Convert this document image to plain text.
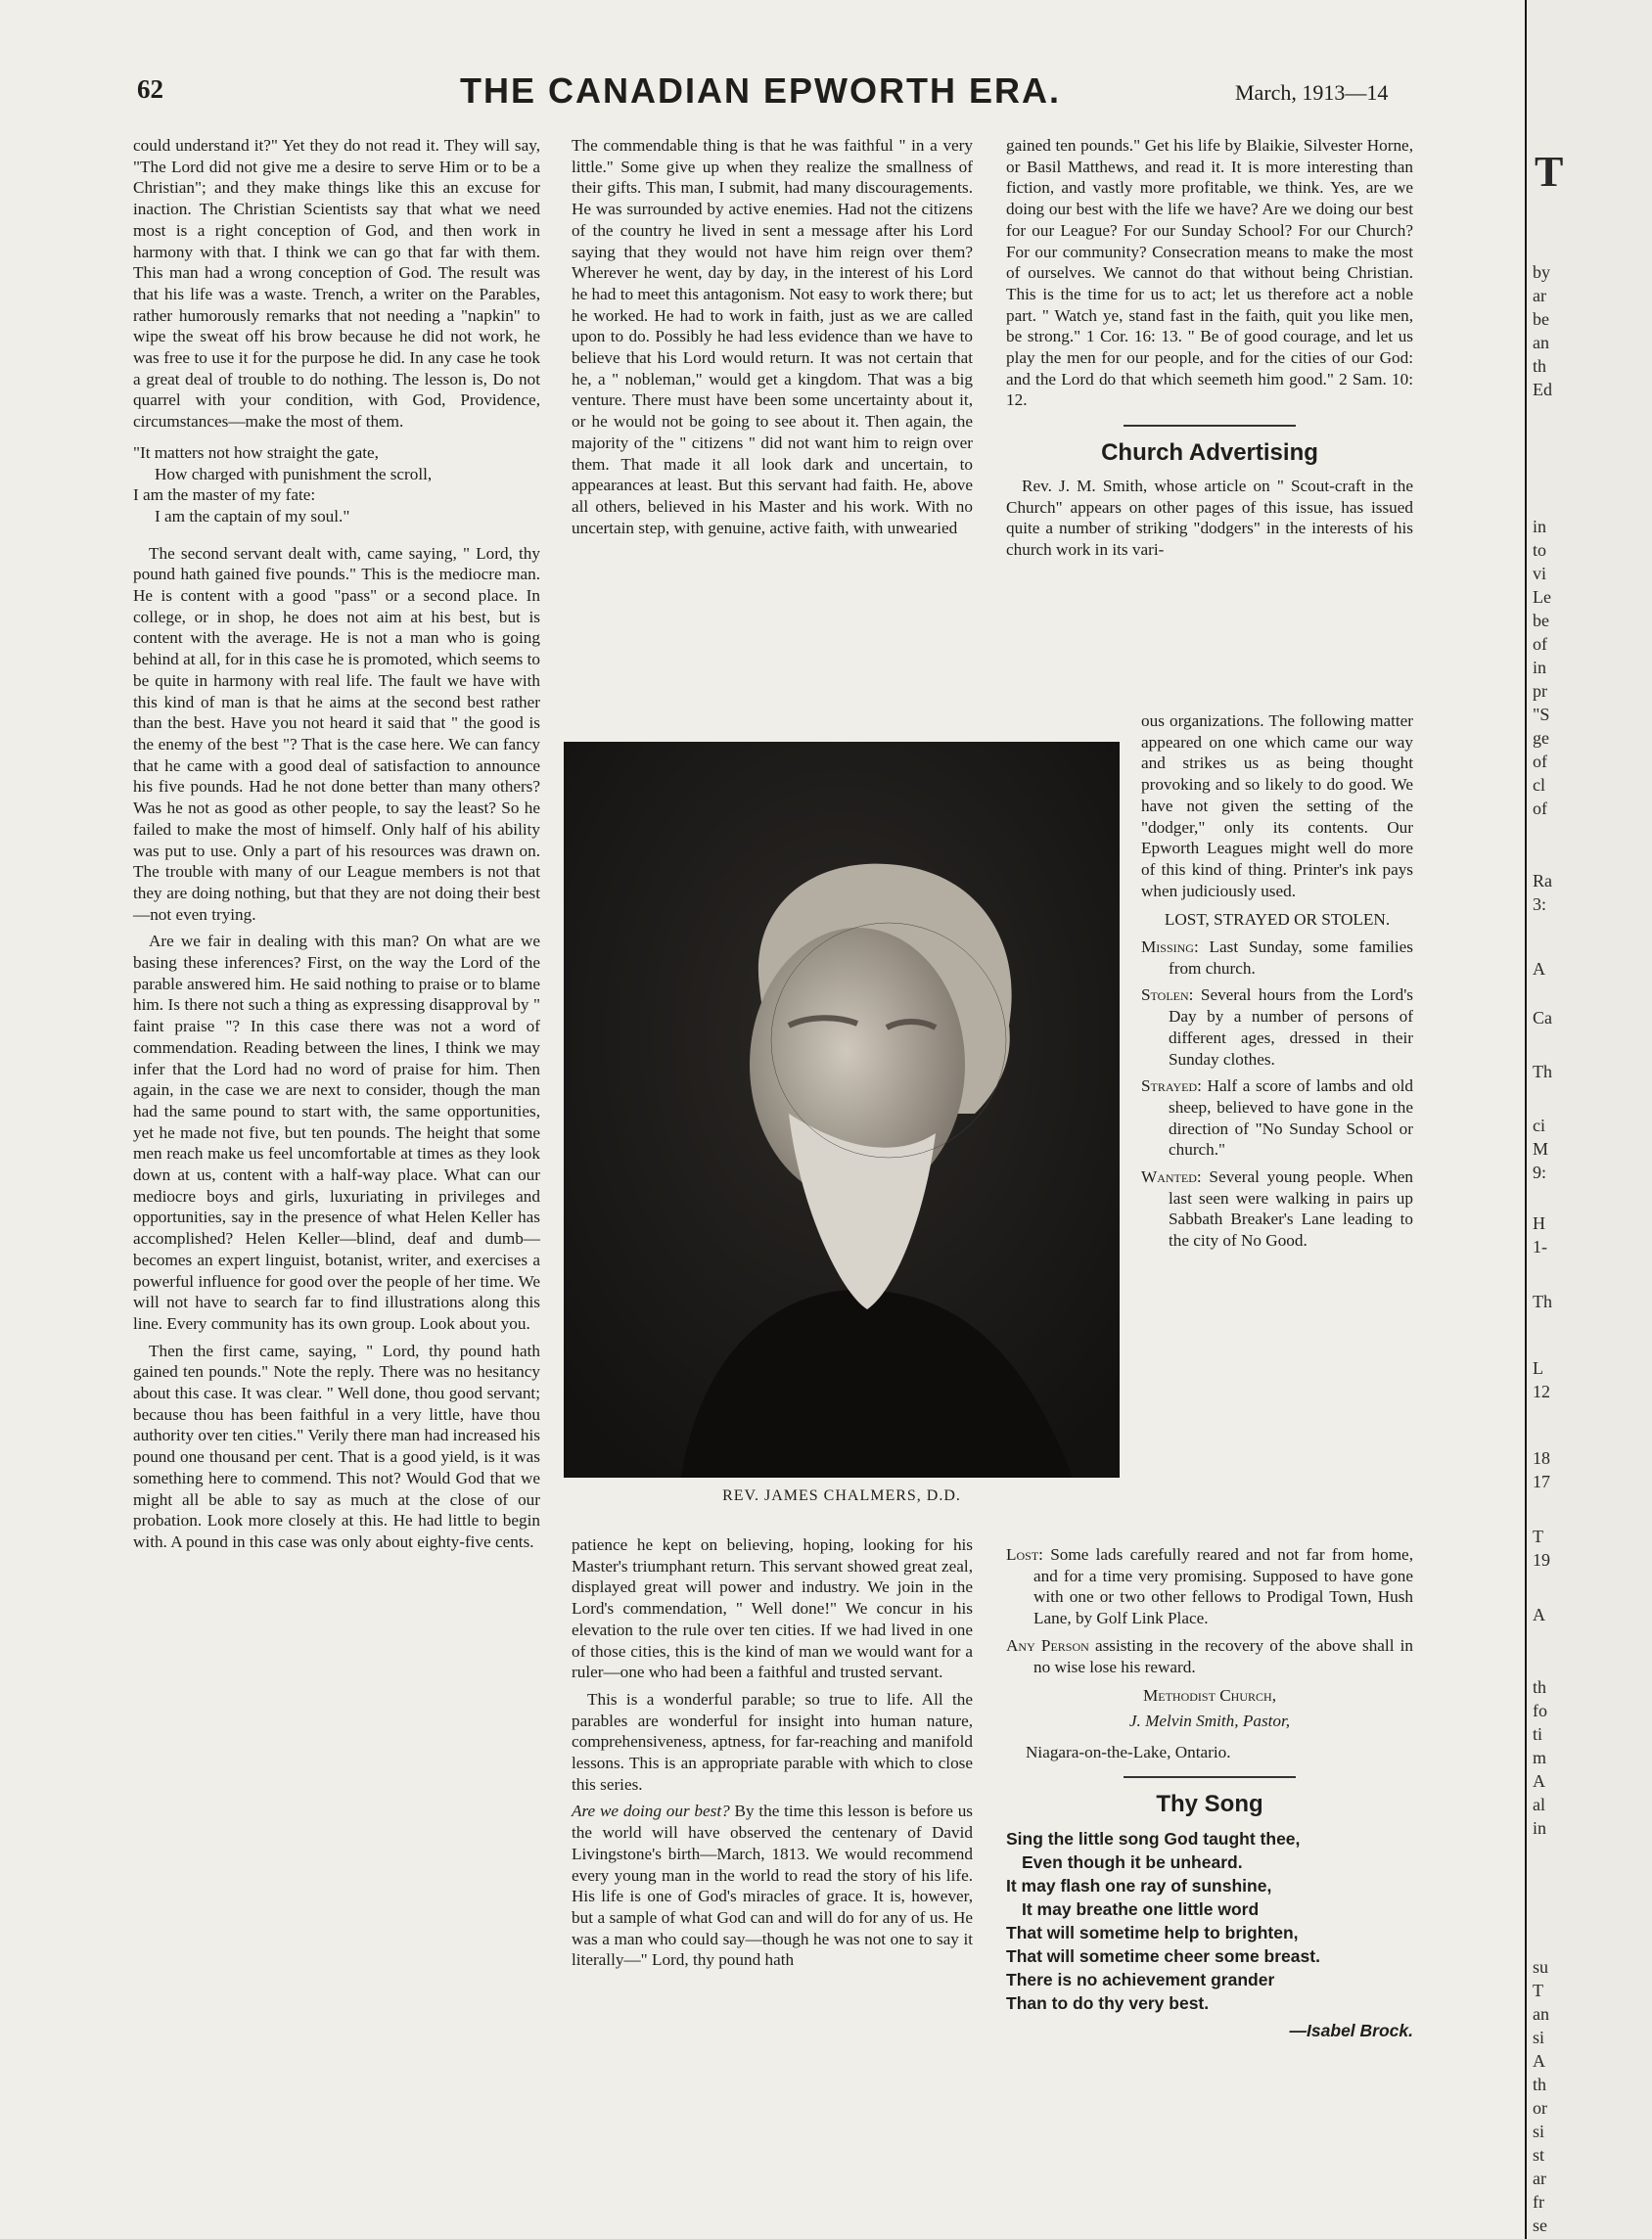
62	THE CANADIAN EPWORTH ERA.	March, 1913—14

could understand it?" Yet they do not read it. They will say, "The Lord did not give me a desire to serve Him or to be a Christian"; and they make things like this an excuse for inaction. The Christian Scientists say that what we need most is a right conception of God, and then work in harmony with that. I think we can go that far with them. This man had a wrong conception of God. The result was that his life was a waste. Trench, a writer on the Parables, rather humorously remarks that not needing a "napkin" to wipe the sweat off his brow because he did not work, he was free to use it for the purpose he did. In any case he took a great deal of trouble to do nothing. The lesson is, Do not quarrel with your condition, with God, Providence, circumstances—make the most of them.

"It matters not how straight the gate,
How charged with punishment the scroll,
I am the master of my fate:
I am the captain of my soul."

The second servant dealt with, came saying, " Lord, thy pound hath gained five pounds." This is the mediocre man. He is content with a good "pass" or a second place. In college, or in shop, he does not aim at his best, but is content with the average. He is not a man who is going behind at all, for in this case he is promoted, which seems to be quite in harmony with real life. The fault we have with this kind of man is that he aims at the second best rather than the best. Have you not heard it said that " the good is the enemy of the best "? That is the case here. We can fancy that he came with a good deal of satisfaction to announce his five pounds. Had he not done better than many others? Was he not as good as other people, to say the least? So he failed to make the most of himself. Only half of his ability was put to use. Only a part of his resources was drawn on. The trouble with many of our League members is not that they are doing nothing, but that they are not doing their best—not even trying.

Are we fair in dealing with this man? On what are we basing these inferences? First, on the way the Lord of the parable answered him. He said nothing to praise or to blame him. Is there not such a thing as expressing disapproval by " faint praise "? In this case there was not a word of commendation. Reading between the lines, I think we may infer that the Lord had no word of praise for him. Then again, in the case we are next to consider, though the man had the same pound to start with, the same opportunities, yet he made not five, but ten pounds. The height that some men reach make us feel uncomfortable at times as they look down at us, content with a half-way place. What can our mediocre boys and girls, luxuriating in privileges and opportunities, say in the presence of what Helen Keller has accomplished? Helen Keller—blind, deaf and dumb—becomes an expert linguist, botanist, writer, and exercises a powerful influence for good over the people of her time. We will not have to search far to find illustrations along this line. Every community has its own group. Look about you.

Then the first came, saying, " Lord, thy pound hath gained ten pounds." Note the reply. There was no hesitancy about this case. It was clear. " Well done, thou good servant; because thou has been faithful in a very little, have thou authority over ten cities." Verily there man had increased his pound one thousand per cent. That is a good yield, is it was something here to commend. This not? Would God that we might all be able to say as much at the close of our probation. Look more closely at this. He had little to begin with. A pound in this case was only about eighty-five cents.

The commendable thing is that he was faithful " in a very little." Some give up when they realize the smallness of their gifts. This man, I submit, had many discouragements. He was surrounded by active enemies. Had not the citizens of the country he lived in sent a message after his Lord saying that they would not have him reign over them? Wherever he went, day by day, in the interest of his Lord he had to meet this antagonism. Not easy to work there; but he worked. He had to work in faith, just as we are called upon to do. Possibly he had less evidence than we have to believe that his Lord would return. It was not certain that he, a " nobleman," would get a kingdom. That was a big venture. There must have been some uncertainty about it, or he would not be going to see about it. Then again, the majority of the " citizens " did not want him to reign over them. That made it all look dark and uncertain, to appearances at least. But this servant had faith. He, above all others, believed in his Master and his work. With no uncertain step, with genuine, active faith, with unwearied

REV. JAMES CHALMERS, D.D.

patience he kept on believing, hoping, looking for his Master's triumphant return. This servant showed great zeal, displayed great will power and industry. We join in the Lord's commendation, " Well done!" We concur in his elevation to the rule over ten cities. If we had lived in one of those cities, this is the kind of man we would want for a ruler—one who had been a faithful and trusted servant.

This is a wonderful parable; so true to life. All the parables are wonderful for insight into human nature, comprehensiveness, aptness, for far-reaching and manifold lessons. This is an appropriate parable with which to close this series.

Are we doing our best? By the time this lesson is before us the world will have observed the centenary of David Livingstone's birth—March, 1813. We would recommend every young man in the world to read the story of his life. His life is one of God's miracles of grace. It is, however, but a sample of what God can and will do for any of us. He was a man who could say—though he was not one to say it literally—" Lord, thy pound hath

gained ten pounds." Get his life by Blaikie, Silvester Horne, or Basil Matthews, and read it. It is more interesting than fiction, and vastly more profitable, we think. Yes, are we doing our best with the life we have? Are we doing our best for our League? For our Sunday School? For our Church? For our community? Consecration means to make the most of ourselves. We cannot do that without being Christian. This is the time for us to act; let us therefore act a noble part. " Watch ye, stand fast in the faith, quit you like men, be strong." 1 Cor. 16: 13. " Be of good courage, and let us play the men for our people, and for the cities of our God: and the Lord do that which seemeth him good." 2 Sam. 10: 12.

Church Advertising

Rev. J. M. Smith, whose article on " Scout-craft in the Church" appears on other pages of this issue, has issued quite a number of striking "dodgers" in the interests of his church work in its vari-

ous organizations. The following matter appeared on one which came our way and strikes us as being thought provoking and so likely to do good. We have not given the setting of the "dodger," only its contents. Our Epworth Leagues might well do more of this kind of thing. Printer's ink pays when judiciously used.

LOST, STRAYED OR STOLEN.
Missing: Last Sunday, some families from church.
Stolen: Several hours from the Lord's Day by a number of persons of different ages, dressed in their Sunday clothes.
Strayed: Half a score of lambs and old sheep, believed to have gone in the direction of "No Sunday School or church."
Wanted: Several young people. When last seen were walking in pairs up Sabbath Breaker's Lane leading to the city of No Good.
Lost: Some lads carefully reared and not far from home, and for a time very promising. Supposed to have gone with one or two other fellows to Prodigal Town, Hush Lane, by Golf Link Place.
Any Person assisting in the recovery of the above shall in no wise lose his reward.
Methodist Church,
J. Melvin Smith, Pastor,
Niagara-on-the-Lake, Ontario.
Thy Song
Sing the little song God taught thee,
Even though it be unheard.
It may flash one ray of sunshine,
It may breathe one little word
That will sometime help to brighten,
That will sometime cheer some breast.
There is no achievement grander
Than to do thy very best.
—Isabel Brock.
T
by
ar
be
an
th
Ed
in
to
vi
Le
be
of
in
pr
"S
ge
of
cl
of
Ra
3:
A
Ca
Th
ci
M
9:
H
1-
Th
L
12
18
17
T
19
A
th
fo
ti
m
A
al
in
su
T
an
si
A
th
or
si
st
ar
fr
se
